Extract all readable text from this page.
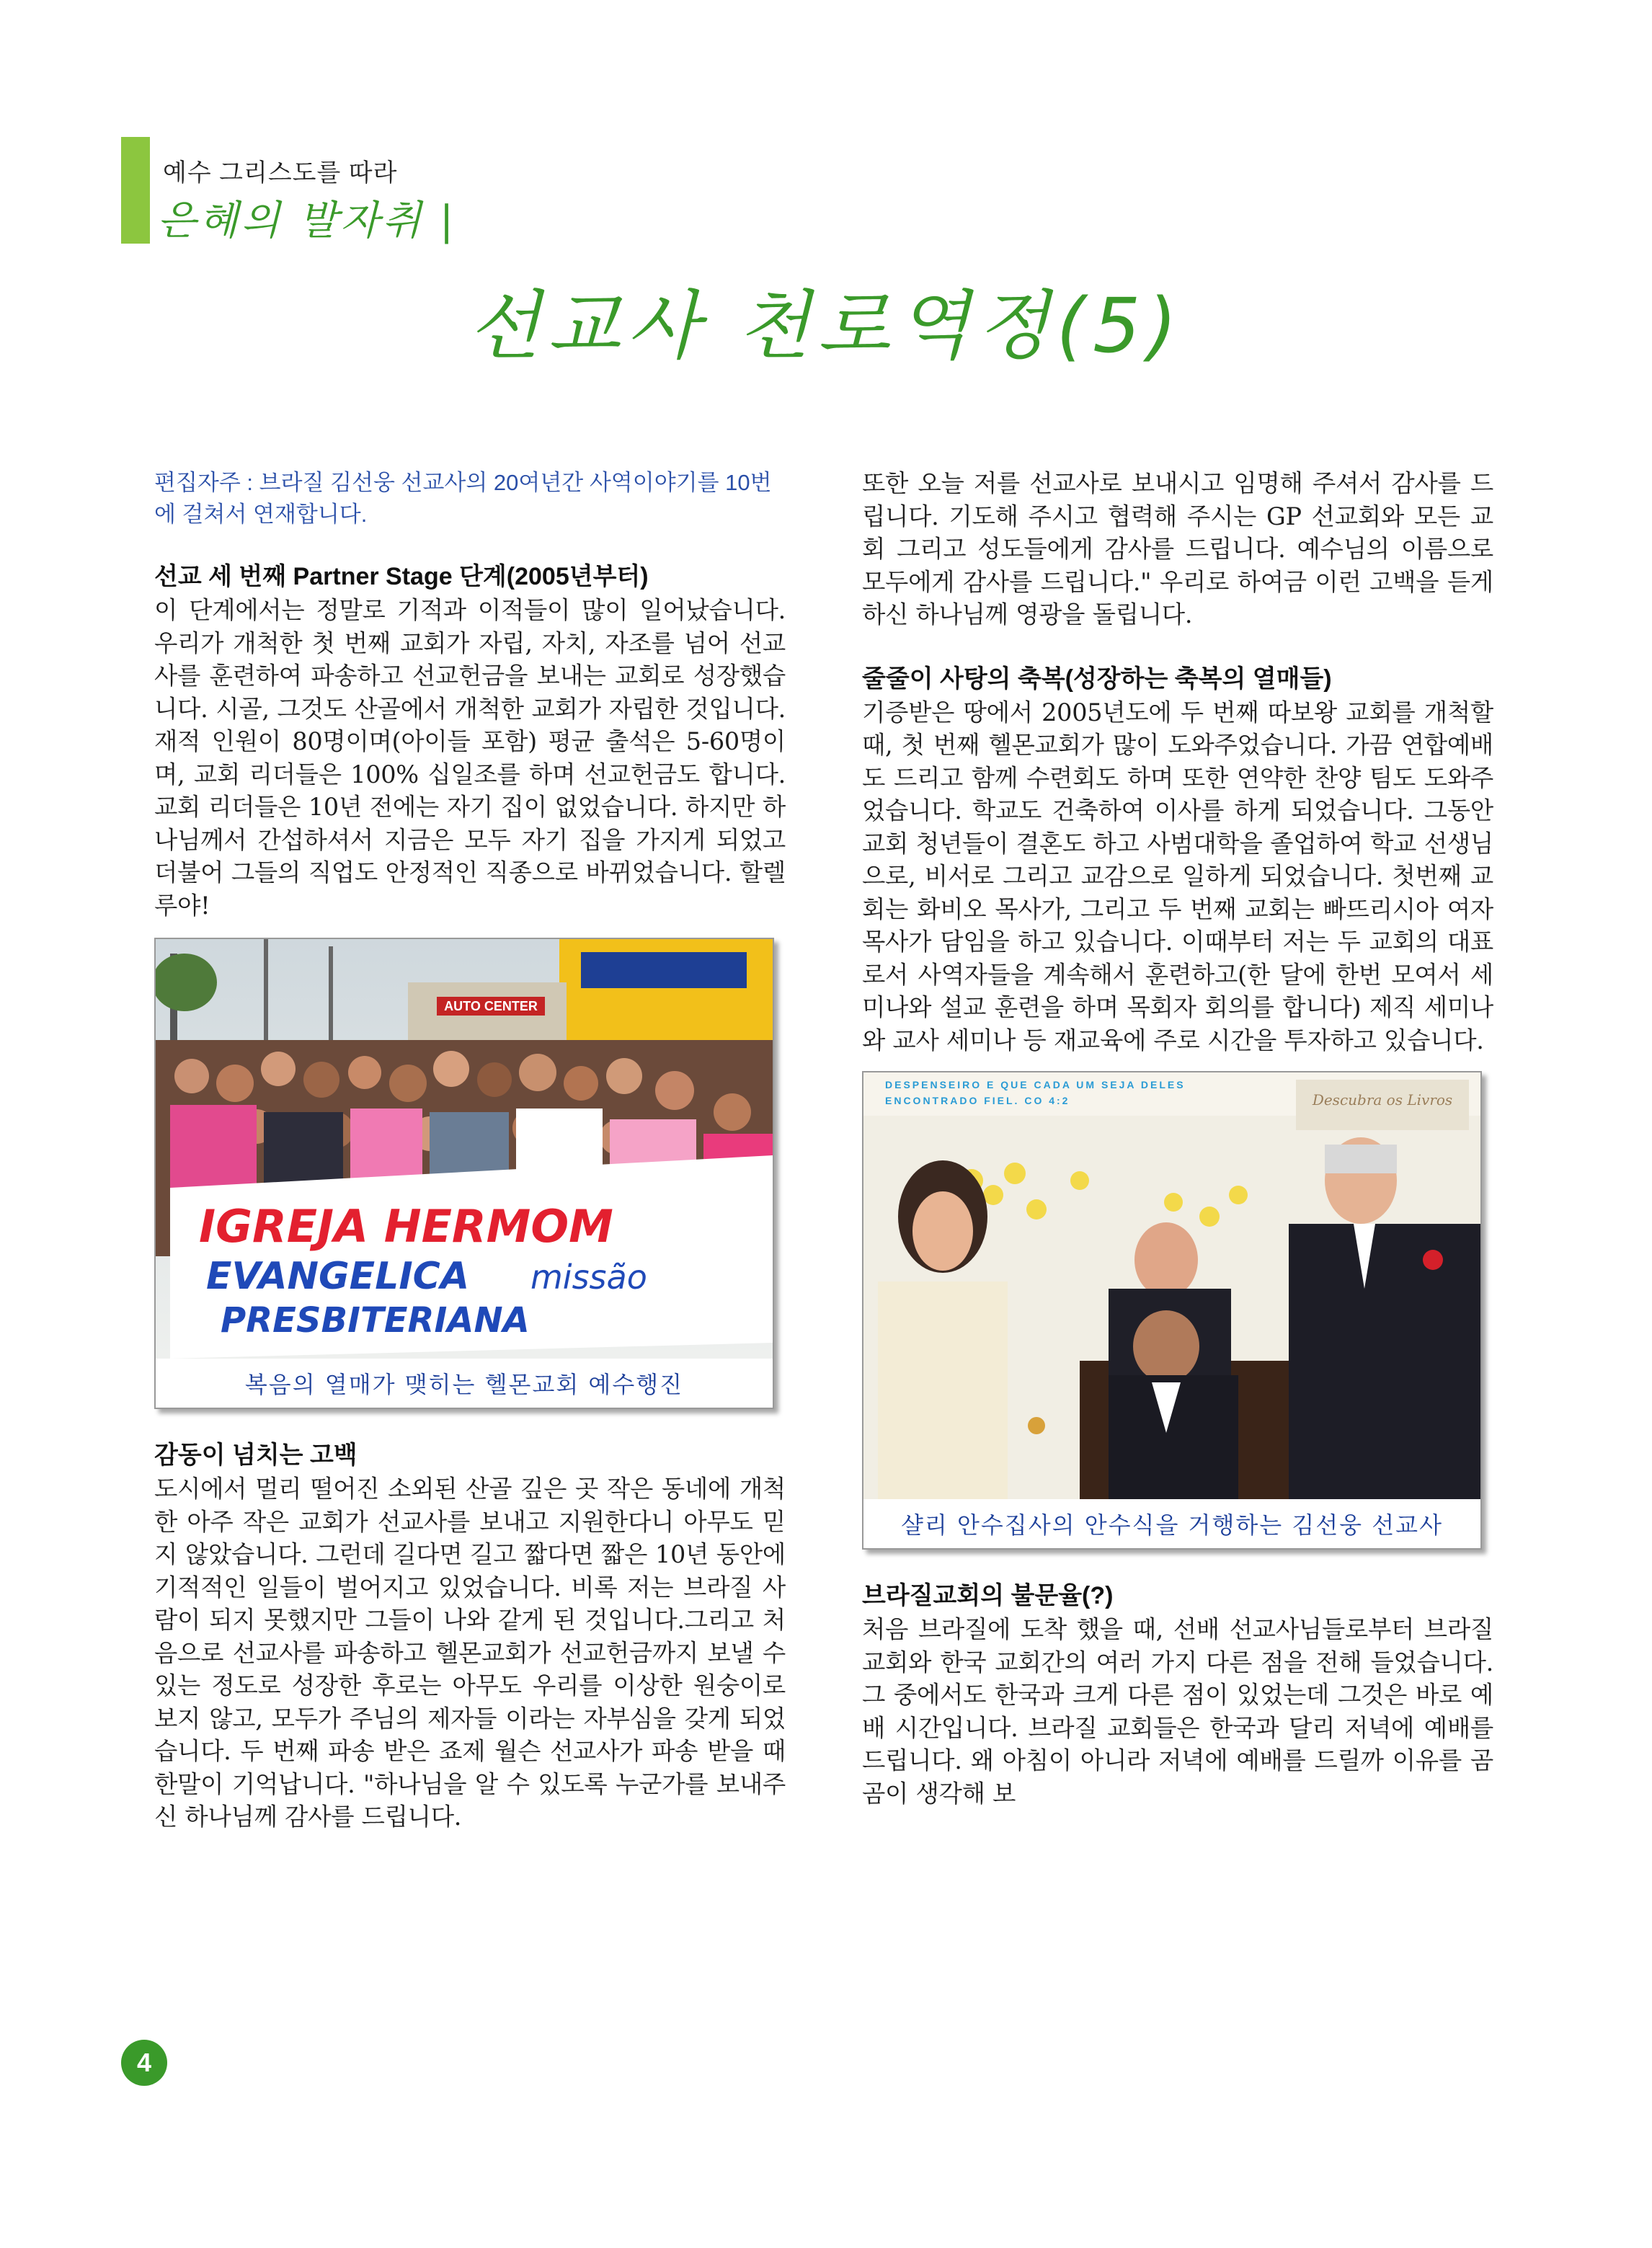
예수 그리스도를 따라
은혜의 발자취 |
선교사 천로역정(5)

편집자주 : 브라질 김선웅 선교사의 20여년간 사역이야기를 10번에 걸쳐서 연재합니다.

선교 세 번째 Partner Stage 단계(2005년부터)

이 단계에서는 정말로 기적과 이적들이 많이 일어났습니다. 우리가 개척한 첫 번째 교회가 자립, 자치, 자조를 넘어 선교사를 훈련하여 파송하고 선교헌금을 보내는 교회로 성장했습니다. 시골, 그것도 산골에서 개척한 교회가 자립한 것입니다. 재적 인원이 80명이며(아이들 포함) 평균 출석은 5-60명이며, 교회 리더들은 100% 십일조를 하며 선교헌금도 합니다. 교회 리더들은 10년 전에는 자기 집이 없었습니다. 하지만 하나님께서 간섭하셔서 지금은 모두 자기 집을 가지게 되었고 더불어 그들의 직업도 안정적인 직종으로 바뀌었습니다. 할렐루야!

AUTO CENTER
IGREJA HERMOM
EVANGELICA missão
PRESBITERIANA
복음의 열매가 맺히는 헬몬교회 예수행진
감동이 넘치는 고백

도시에서 멀리 떨어진 소외된 산골 깊은 곳 작은 동네에 개척한 아주 작은 교회가 선교사를 보내고 지원한다니 아무도 믿지 않았습니다. 그런데 길다면 길고 짧다면 짧은 10년 동안에 기적적인 일들이 벌어지고 있었습니다. 비록 저는 브라질 사람이 되지 못했지만 그들이 나와 같게 된 것입니다.그리고 처음으로 선교사를 파송하고 헬몬교회가 선교헌금까지 보낼 수 있는 정도로 성장한 후로는 아무도 우리를 이상한 원숭이로 보지 않고, 모두가 주님의 제자들 이라는 자부심을 갖게 되었습니다. 두 번째 파송 받은 죠제 월슨 선교사가 파송 받을 때 한말이 기억납니다. "하나님을 알 수 있도록 누군가를 보내주신 하나님께 감사를 드립니다.

또한 오늘 저를 선교사로 보내시고 임명해 주셔서 감사를 드립니다. 기도해 주시고 협력해 주시는 GP 선교회와 모든 교회 그리고 성도들에게 감사를 드립니다. 예수님의 이름으로 모두에게 감사를 드립니다." 우리로 하여금 이런 고백을 듣게 하신 하나님께 영광을 돌립니다.

줄줄이 사탕의 축복(성장하는 축복의 열매들)

기증받은 땅에서 2005년도에 두 번째 따보왕 교회를 개척할 때, 첫 번째 헬몬교회가 많이 도와주었습니다. 가끔 연합예배도 드리고 함께 수련회도 하며 또한 연약한 찬양 팀도 도와주었습니다. 학교도 건축하여 이사를 하게 되었습니다. 그동안 교회 청년들이 결혼도 하고 사범대학을 졸업하여 학교 선생님으로, 비서로 그리고 교감으로 일하게 되었습니다. 첫번째 교회는 화비오 목사가, 그리고 두 번째 교회는 빠뜨리시아 여자 목사가 담임을 하고 있습니다. 이때부터 저는 두 교회의 대표로서 사역자들을 계속해서 훈련하고(한 달에 한번 모여서 세미나와 설교 훈련을 하며 목회자 회의를 합니다) 제직 세미나와 교사 세미나 등 재교육에 주로 시간을 투자하고 있습니다.

DESPENSEIRO E QUE CADA UM SEJA DELES
ENCONTRADO FIEL. CO 4:2	Descubra os Livros
샬리 안수집사의 안수식을 거행하는 김선웅 선교사
브라질교회의 불문율(?)

처음 브라질에 도착 했을 때, 선배 선교사님들로부터 브라질 교회와 한국 교회간의 여러 가지 다른 점을 전해 들었습니다. 그 중에서도 한국과 크게 다른 점이 있었는데 그것은 바로 예배 시간입니다. 브라질 교회들은 한국과 달리 저녁에 예배를 드립니다. 왜 아침이 아니라 저녁에 예배를 드릴까 이유를 곰곰이 생각해 보

4
